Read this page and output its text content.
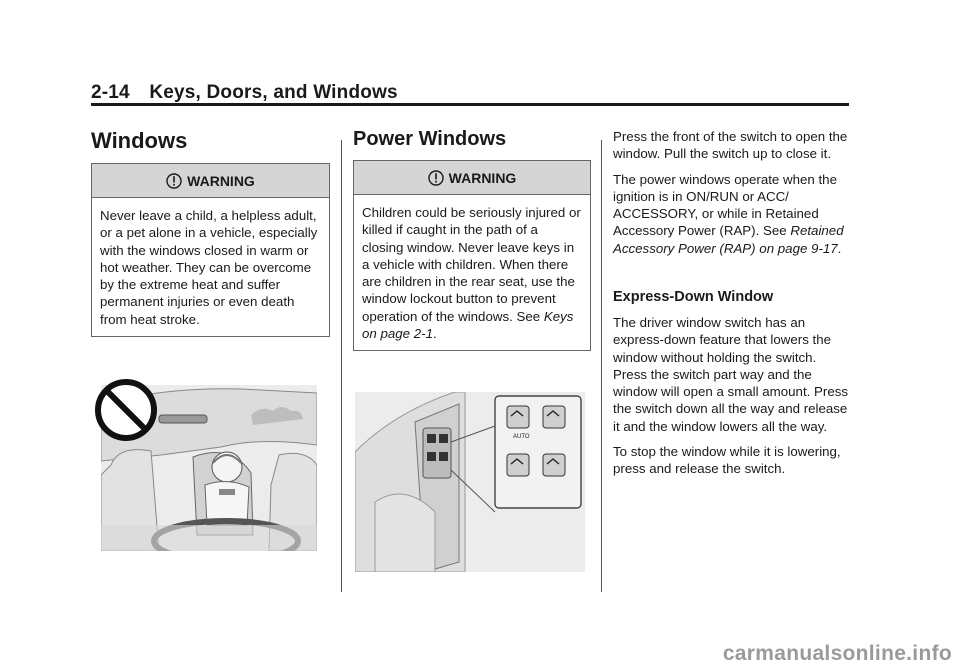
2-14 Keys, Doors, and Windows
Windows
WARNING
Never leave a child, a helpless adult, or a pet alone in a vehicle, especially with the windows closed in warm or hot weather. They can be overcome by the extreme heat and suffer permanent injuries or even death from heat stroke.
Power Windows
WARNING
Children could be seriously injured or killed if caught in the path of a closing window. Never leave keys in a vehicle with children. When there are children in the rear seat, use the window lockout button to prevent operation of the windows. See Keys on page 2-1.
AUTO

Press the front of the switch to open the window. Pull the switch up to close it.

The power windows operate when the ignition is in ON/RUN or ACC/ ACCESSORY, or while in Retained Accessory Power (RAP). See Retained Accessory Power (RAP) on page 9-17.

Express-Down Window

The driver window switch has an express-down feature that lowers the window without holding the switch. Press the switch part way and the window will open a small amount. Press the switch down all the way and release it and the window lowers all the way.

To stop the window while it is lowering, press and release the switch.

carmanualsonline.info
